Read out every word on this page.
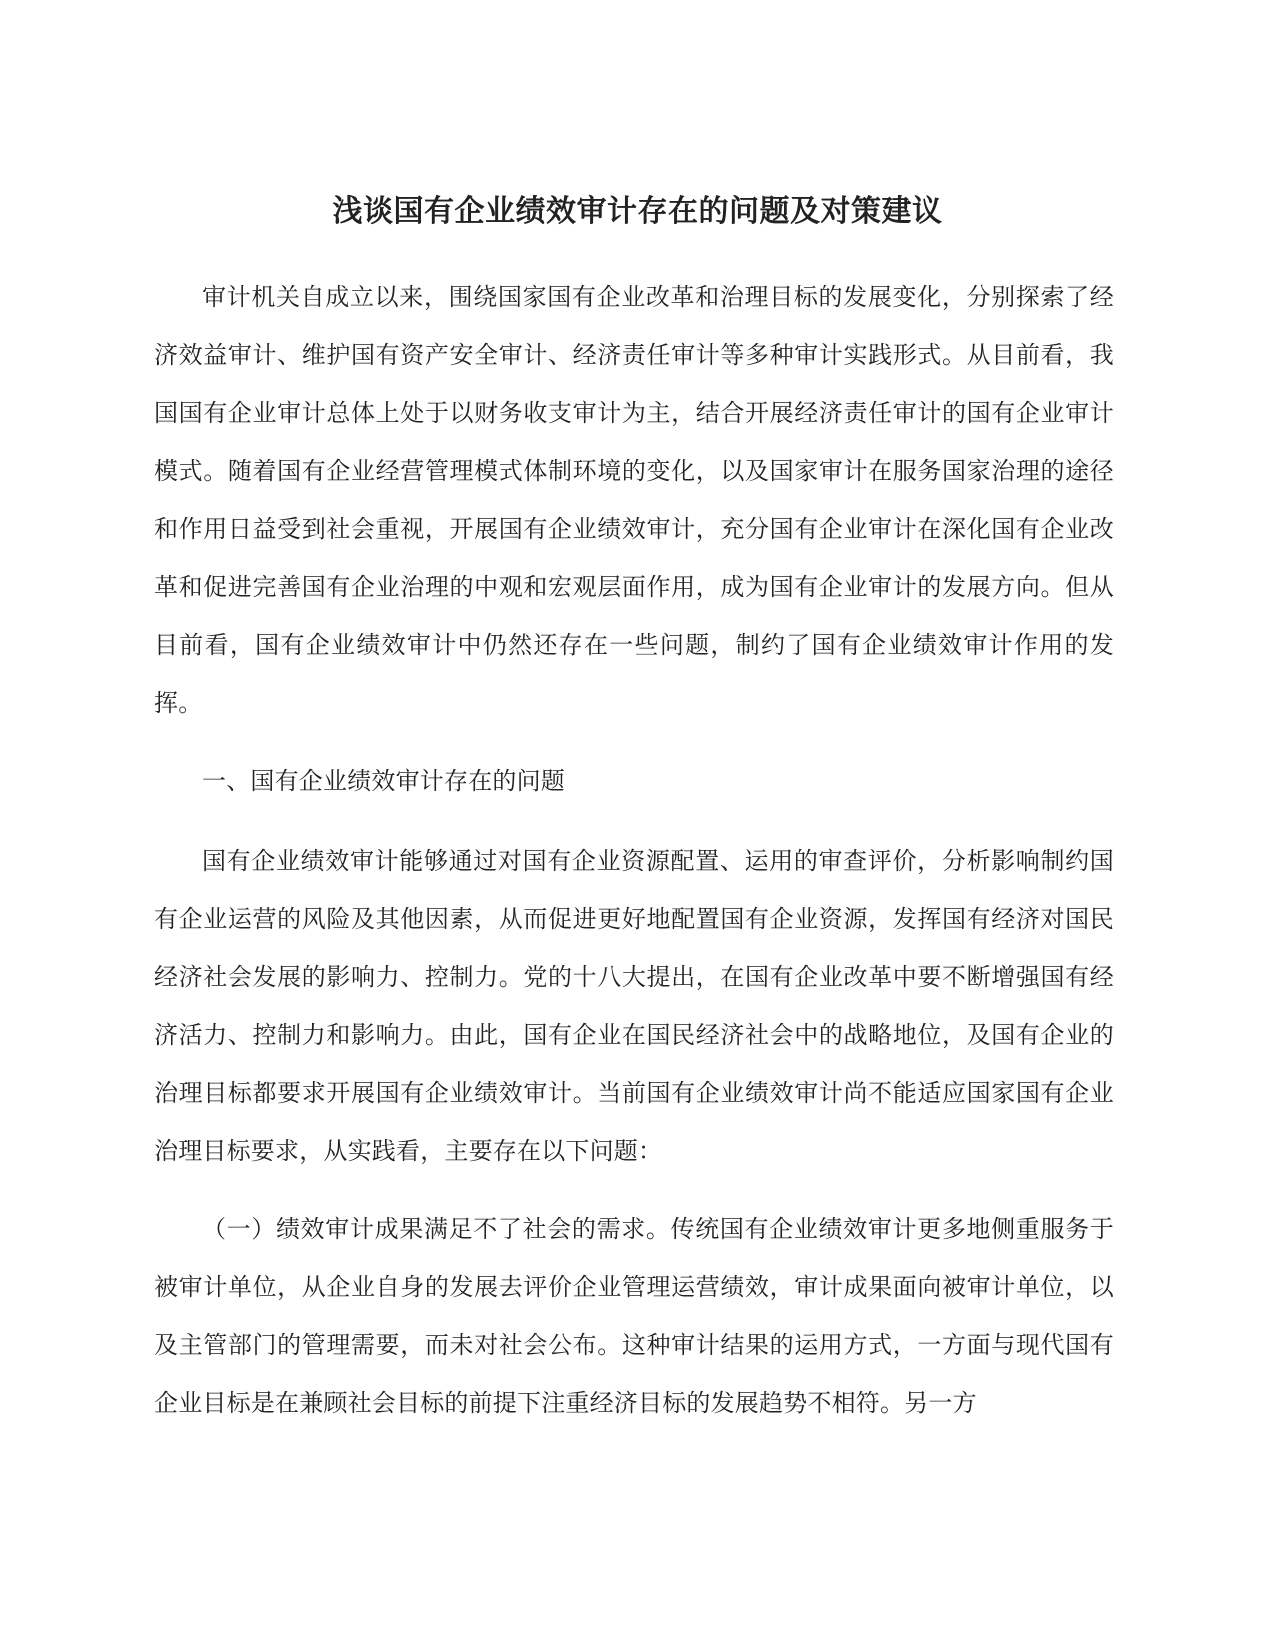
浅谈国有企业绩效审计存在的问题及对策建议

审计机关自成立以来，围绕国家国有企业改革和治理目标的发展变化，分别探索了经济效益审计、维护国有资产安全审计、经济责任审计等多种审计实践形式。从目前看，我国国有企业审计总体上处于以财务收支审计为主，结合开展经济责任审计的国有企业审计模式。随着国有企业经营管理模式体制环境的变化，以及国家审计在服务国家治理的途径和作用日益受到社会重视，开展国有企业绩效审计，充分国有企业审计在深化国有企业改革和促进完善国有企业治理的中观和宏观层面作用，成为国有企业审计的发展方向。但从目前看，国有企业绩效审计中仍然还存在一些问题，制约了国有企业绩效审计作用的发挥。

一、国有企业绩效审计存在的问题

国有企业绩效审计能够通过对国有企业资源配置、运用的审查评价，分析影响制约国有企业运营的风险及其他因素，从而促进更好地配置国有企业资源，发挥国有经济对国民经济社会发展的影响力、控制力。党的十八大提出，在国有企业改革中要不断增强国有经济活力、控制力和影响力。由此，国有企业在国民经济社会中的战略地位，及国有企业的治理目标都要求开展国有企业绩效审计。当前国有企业绩效审计尚不能适应国家国有企业治理目标要求，从实践看，主要存在以下问题：

（一）绩效审计成果满足不了社会的需求。传统国有企业绩效审计更多地侧重服务于被审计单位，从企业自身的发展去评价企业管理运营绩效，审计成果面向被审计单位，以及主管部门的管理需要，而未对社会公布。这种审计结果的运用方式，一方面与现代国有企业目标是在兼顾社会目标的前提下注重经济目标的发展趋势不相符。另一方
